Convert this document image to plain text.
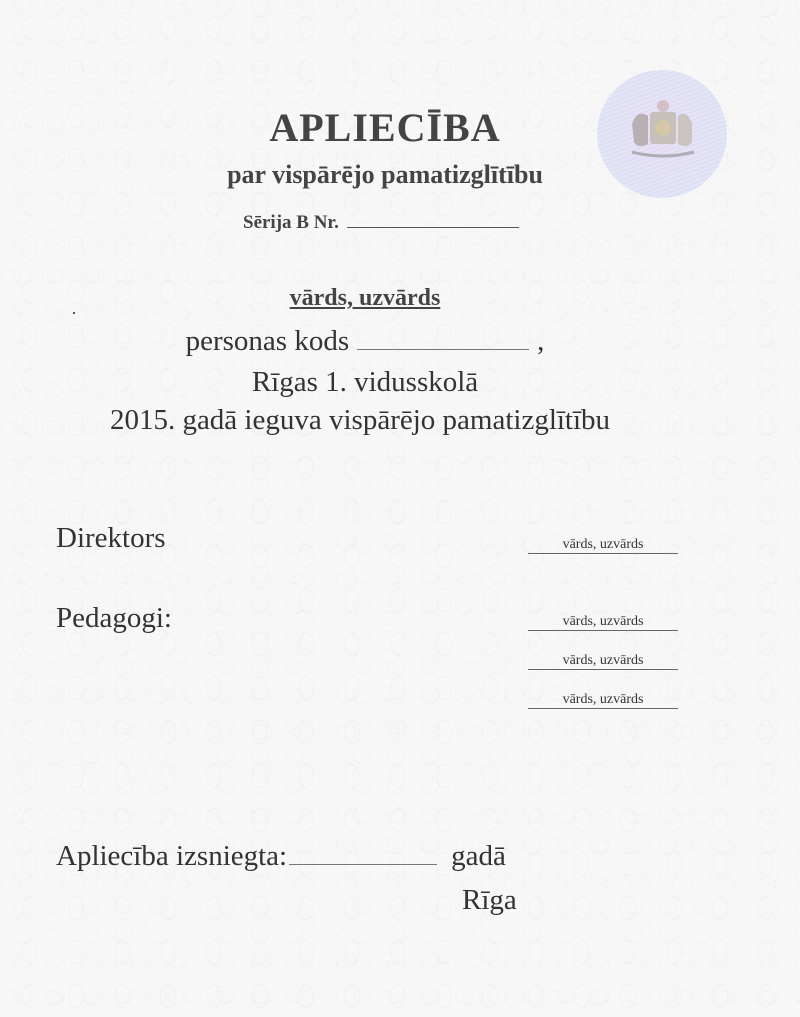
APLIECĪBA
par vispārējo pamatizglītību
Sērija B Nr.
vārds, uzvārds
personas kods	,
Rīgas 1. vidusskolā
2015. gadā ieguva vispārējo pamatizglītību
Direktors	vārds, uzvārds
Pedagogi:	vārds, uzvārds
vārds, uzvārds
vārds, uzvārds
Apliecība izsniegta:	gadā
Rīga
